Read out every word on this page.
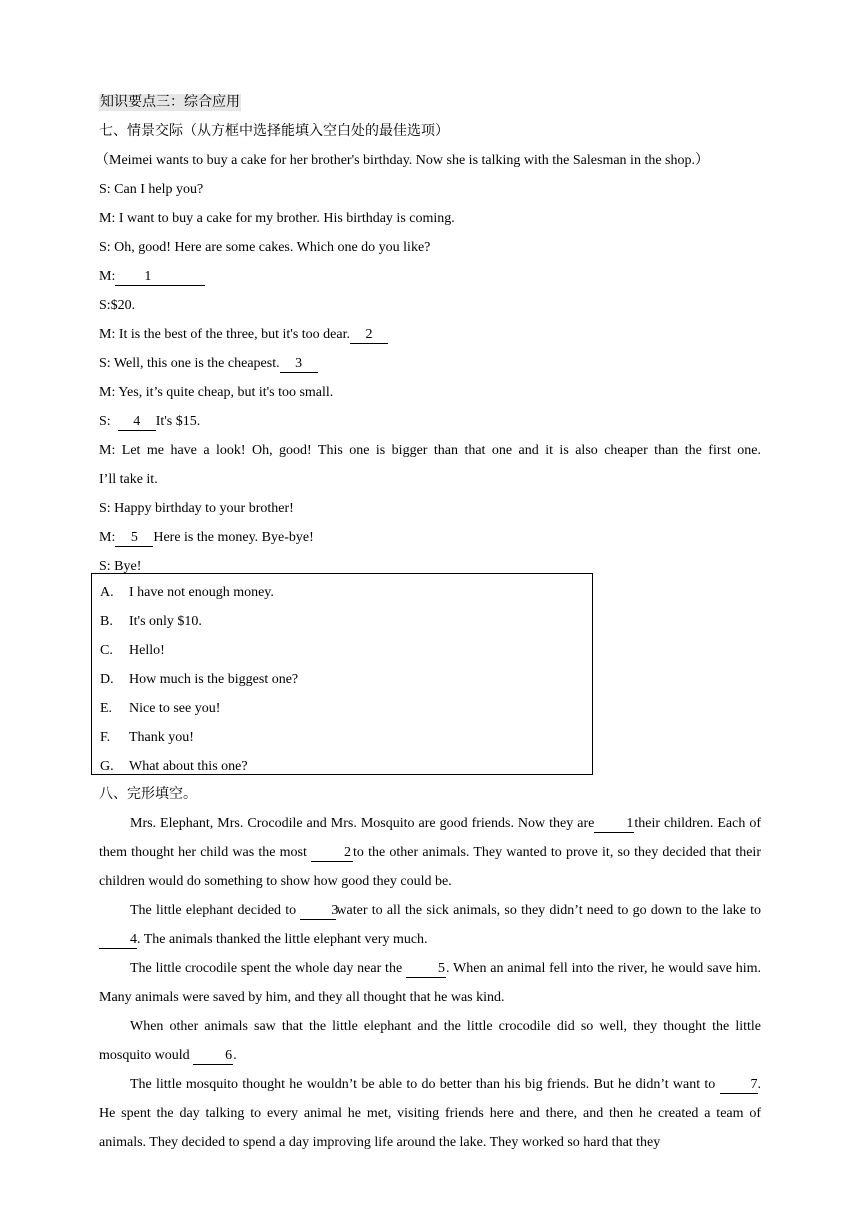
知识要点三：综合应用
七、情景交际（从方框中选择能填入空白处的最佳选项）
（Meimei wants to buy a cake for her brother's birthday. Now she is talking with the Salesman in the shop.）
S: Can I help you?
M: I want to buy a cake for my brother. His birthday is coming.
S: Oh, good! Here are some cakes. Which one do you like?
M: 1
S:$20.
M: It is the best of the three, but it's too dear. 2
S: Well, this one is the cheapest. 3
M: Yes, it’s quite cheap, but it's too small.
S:  4 It's $15.
M: Let me have a look! Oh, good! This one is bigger than that one and it is also cheaper than the first one.
I’ll take it.
S: Happy birthday to your brother!
M: 5 Here is the money. Bye-bye!
S: Bye!
A. I have not enough money.
B. It's only $10.
C. Hello!
D. How much is the biggest one?
E. Nice to see you!
F. Thank you!
G. What about this one?
八、完形填空。
Mrs. Elephant, Mrs. Crocodile and Mrs. Mosquito are good friends. Now they are 1their children. Each of them thought her child was the most 2 to the other animals. They wanted to prove it, so they decided that their children would do something to show how good they could be.
The little elephant decided to 3water to all the sick animals, so they didn’t need to go down to the lake to 4. The animals thanked the little elephant very much.
The little crocodile spent the whole day near the 5. When an animal fell into the river, he would save him. Many animals were saved by him, and they all thought that he was kind.
When other animals saw that the little elephant and the little crocodile did so well, they thought the little mosquito would 6.
The little mosquito thought he wouldn’t be able to do better than his big friends. But he didn’t want to 7. He spent the day talking to every animal he met, visiting friends here and there, and then he created a team of animals. They decided to spend a day improving life around the lake. They worked so hard that they
